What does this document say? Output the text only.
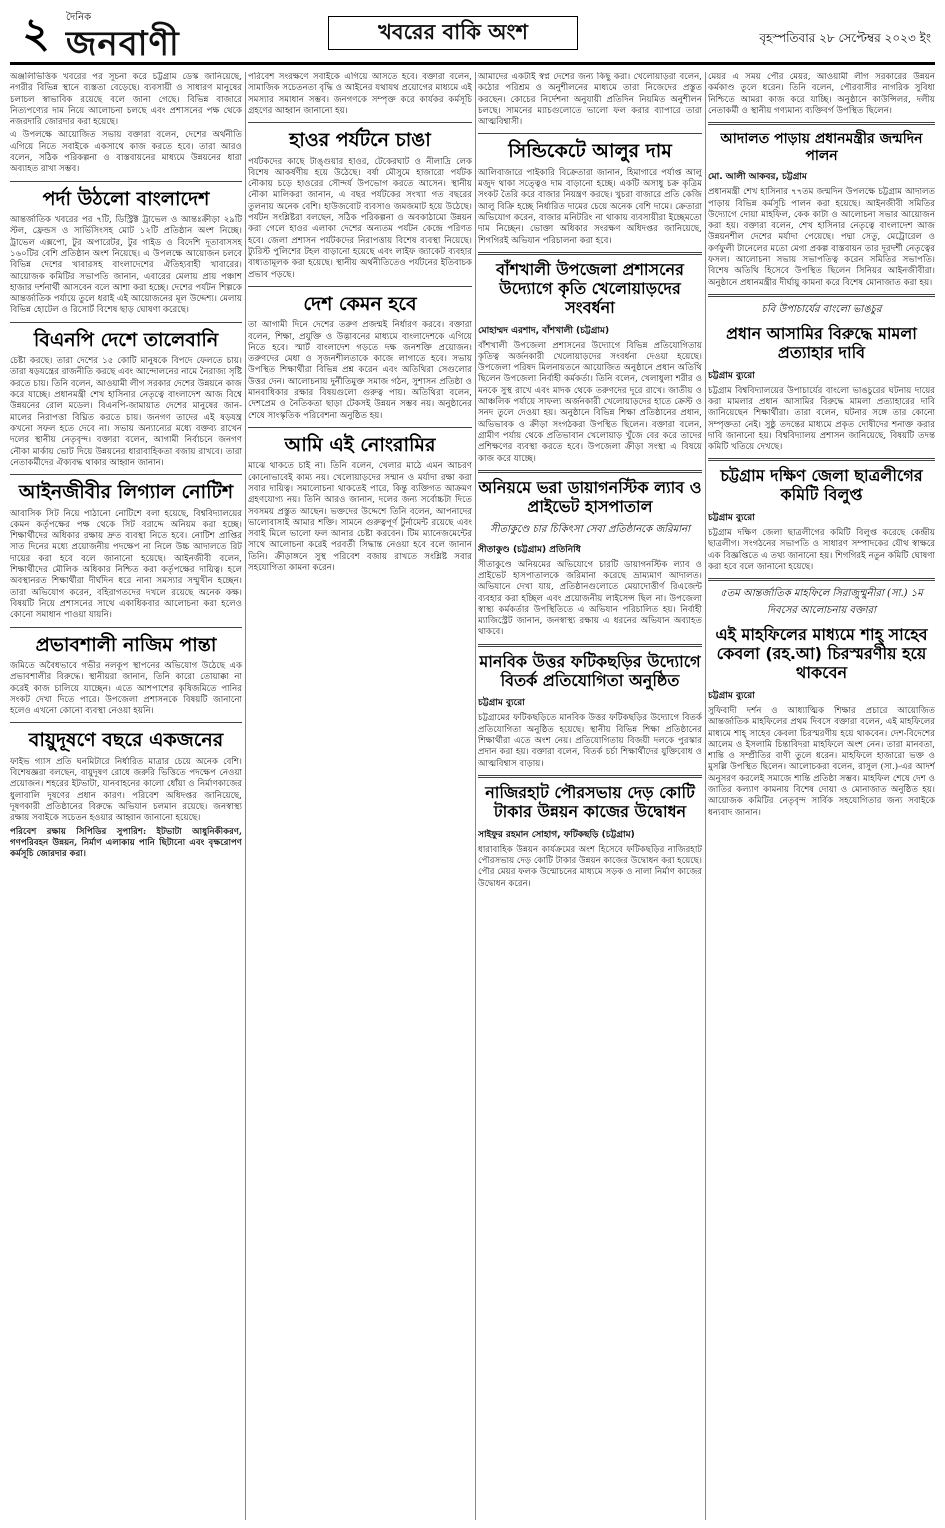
২	দৈনিক
জনবাণী	খবরের বাকি অংশ	বৃহস্পতিবার ২৮ সেপ্টেম্বর ২০২৩ ইং

অঞ্জলিভিত্তিক খবরের পর সূচনা করে চট্টগ্রাম ডেস্ক জানিয়েছে, নগরীর বিভিন্ন স্থানে ব্যস্ততা বেড়েছে। ব্যবসায়ী ও সাধারণ মানুষের চলাচল স্বাভাবিক রয়েছে বলে জানা গেছে। বিভিন্ন বাজারে নিত্যপণ্যের দাম নিয়ে আলোচনা চলছে এবং প্রশাসনের পক্ষ থেকে নজরদারি জোরদার করা হয়েছে।

এ উপলক্ষে আয়োজিত সভায় বক্তারা বলেন, দেশের অর্থনীতি এগিয়ে নিতে সবাইকে একসাথে কাজ করতে হবে। তারা আরও বলেন, সঠিক পরিকল্পনা ও বাস্তবায়নের মাধ্যমে উন্নয়নের ধারা অব্যাহত রাখা সম্ভব।

পর্দা উঠলো বাংলাদেশ
আন্তর্জাতিক খবরের পর ৭টি, ডিস্ট্রিক্ট ট্রাভেল ও আন্তঃক্রীড়া ২৯টি স্টল, ফ্রেন্ডস ও সার্ভিসিংসহ মোট ১২টি প্রতিষ্ঠান অংশ নিচ্ছে। ট্রাভেল এক্সপো, টুর অপারেটর, টুর গাইড ও বিদেশি দূতাবাসসহ ১৬০টির বেশি প্রতিষ্ঠান অংশ নিয়েছে। এ উপলক্ষে আয়োজন চলবে বিভিন্ন দেশের খাবারসহ বাংলাদেশের ঐতিহ্যবাহী খাবারের। আয়োজক কমিটির সভাপতি জানান, এবারের মেলায় প্রায় পঞ্চাশ হাজার দর্শনার্থী আসবেন বলে আশা করা হচ্ছে। দেশের পর্যটন শিল্পকে আন্তর্জাতিক পর্যায়ে তুলে ধরাই এই আয়োজনের মূল উদ্দেশ্য। মেলায় বিভিন্ন হোটেল ও রিসোর্ট বিশেষ ছাড় ঘোষণা করেছে।
বিএনপি দেশে তালেবানি
চেষ্টা করছে। তারা দেশের ১৫ কোটি মানুষকে বিপদে ফেলতে চায়। তারা ষড়যন্ত্রের রাজনীতি করছে এবং আন্দোলনের নামে নৈরাজ্য সৃষ্টি করতে চায়। তিনি বলেন, আওয়ামী লীগ সরকার দেশের উন্নয়নে কাজ করে যাচ্ছে। প্রধানমন্ত্রী শেখ হাসিনার নেতৃত্বে বাংলাদেশ আজ বিশ্বে উন্নয়নের রোল মডেল। বিএনপি-জামায়াত দেশের মানুষের জান-মালের নিরাপত্তা বিঘ্নিত করতে চায়। জনগণ তাদের এই ষড়যন্ত্র কখনো সফল হতে দেবে না। সভায় অন্যান্যের মধ্যে বক্তব্য রাখেন দলের স্থানীয় নেতৃবৃন্দ। বক্তারা বলেন, আগামী নির্বাচনে জনগণ নৌকা মার্কায় ভোট দিয়ে উন্নয়নের ধারাবাহিকতা বজায় রাখবে। তারা নেতাকর্মীদের ঐক্যবদ্ধ থাকার আহ্বান জানান।
আইনজীবীর লিগ্যাল নোটিশ
আবাসিক সিট নিয়ে পাঠানো নোটিশে বলা হয়েছে, বিশ্ববিদ্যালয়ের কেমন কর্তৃপক্ষের পক্ষ থেকে সিট বরাদ্দে অনিয়ম করা হচ্ছে। শিক্ষার্থীদের অধিকার রক্ষায় দ্রুত ব্যবস্থা নিতে হবে। নোটিশ প্রাপ্তির সাত দিনের মধ্যে প্রয়োজনীয় পদক্ষেপ না নিলে উচ্চ আদালতে রিট দায়ের করা হবে বলে জানানো হয়েছে। আইনজীবী বলেন, শিক্ষার্থীদের মৌলিক অধিকার নিশ্চিত করা কর্তৃপক্ষের দায়িত্ব। হলে অবস্থানরত শিক্ষার্থীরা দীর্ঘদিন ধরে নানা সমস্যার সম্মুখীন হচ্ছেন। তারা অভিযোগ করেন, বহিরাগতদের দখলে রয়েছে অনেক কক্ষ। বিষয়টি নিয়ে প্রশাসনের সাথে একাধিকবার আলোচনা করা হলেও কোনো সমাধান পাওয়া যায়নি।
প্রভাবশালী নাজিম পান্তা
জমিতে অবৈধভাবে গভীর নলকূপ স্থাপনের অভিযোগ উঠেছে এক প্রভাবশালীর বিরুদ্ধে। স্থানীয়রা জানান, তিনি কারো তোয়াক্কা না করেই কাজ চালিয়ে যাচ্ছেন। এতে আশপাশের কৃষিজমিতে পানির সংকট দেখা দিতে পারে। উপজেলা প্রশাসনকে বিষয়টি জানানো হলেও এখনো কোনো ব্যবস্থা নেওয়া হয়নি।
বায়ুদূষণে বছরে একজনের

ফাইভ গ্যাস প্রতি ঘনমিটারে নির্ধারিত মাত্রার চেয়ে অনেক বেশি। বিশেষজ্ঞরা বলছেন, বায়ুদূষণ রোধে জরুরি ভিত্তিতে পদক্ষেপ নেওয়া প্রয়োজন। শহরের ইটভাটা, যানবাহনের কালো ধোঁয়া ও নির্মাণকাজের ধুলাবালি দূষণের প্রধান কারণ। পরিবেশ অধিদপ্তর জানিয়েছে, দূষণকারী প্রতিষ্ঠানের বিরুদ্ধে অভিযান চলমান রয়েছে। জনস্বাস্থ্য রক্ষায় সবাইকে সচেতন হওয়ার আহ্বান জানানো হয়েছে।

পরিবেশ রক্ষায় সিপিডির সুপারিশ: ইটভাটা আধুনিকীকরণ, গণপরিবহন উন্নয়ন, নির্মাণ এলাকায় পানি ছিটানো এবং বৃক্ষরোপণ কর্মসূচি জোরদার করা।

পরিবেশ সংরক্ষণে সবাইকে এগিয়ে আসতে হবে। বক্তারা বলেন, সামাজিক সচেতনতা বৃদ্ধি ও আইনের যথাযথ প্রয়োগের মাধ্যমে এই সমস্যার সমাধান সম্ভব। জনগণকে সম্পৃক্ত করে কার্যকর কর্মসূচি গ্রহণের আহ্বান জানানো হয়।
হাওর পর্যটনে চাঙা
পর্যটকদের কাছে টাঙ্গুয়ার হাওর, টেকেরঘাট ও নীলাদ্রি লেক বিশেষ আকর্ষণীয় হয়ে উঠেছে। বর্ষা মৌসুমে হাজারো পর্যটক নৌকায় চড়ে হাওরের সৌন্দর্য উপভোগ করতে আসেন। স্থানীয় নৌকা মালিকরা জানান, এ বছর পর্যটকের সংখ্যা গত বছরের তুলনায় অনেক বেশি। হাউজবোট ব্যবসাও জমজমাট হয়ে উঠেছে। পর্যটন সংশ্লিষ্টরা বলছেন, সঠিক পরিকল্পনা ও অবকাঠামো উন্নয়ন করা গেলে হাওর এলাকা দেশের অন্যতম পর্যটন কেন্দ্রে পরিণত হবে। জেলা প্রশাসন পর্যটকদের নিরাপত্তায় বিশেষ ব্যবস্থা নিয়েছে। ট্যুরিস্ট পুলিশের টহল বাড়ানো হয়েছে এবং লাইফ জ্যাকেট ব্যবহার বাধ্যতামূলক করা হয়েছে। স্থানীয় অর্থনীতিতেও পর্যটনের ইতিবাচক প্রভাব পড়ছে।
দেশ কেমন হবে
তা আগামী দিনে দেশের তরুণ প্রজন্মই নির্ধারণ করবে। বক্তারা বলেন, শিক্ষা, প্রযুক্তি ও উদ্ভাবনের মাধ্যমে বাংলাদেশকে এগিয়ে নিতে হবে। স্মার্ট বাংলাদেশ গড়তে দক্ষ জনশক্তি প্রয়োজন। তরুণদের মেধা ও সৃজনশীলতাকে কাজে লাগাতে হবে। সভায় উপস্থিত শিক্ষার্থীরা বিভিন্ন প্রশ্ন করেন এবং অতিথিরা সেগুলোর উত্তর দেন। আলোচনায় দুর্নীতিমুক্ত সমাজ গঠন, সুশাসন প্রতিষ্ঠা ও মানবাধিকার রক্ষার বিষয়গুলো গুরুত্ব পায়। অতিথিরা বলেন, দেশপ্রেম ও নৈতিকতা ছাড়া টেকসই উন্নয়ন সম্ভব নয়। অনুষ্ঠানের শেষে সাংস্কৃতিক পরিবেশনা অনুষ্ঠিত হয়।
আমি এই নোংরামির
মাঝে থাকতে চাই না। তিনি বলেন, খেলার মাঠে এমন আচরণ কোনোভাবেই কাম্য নয়। খেলোয়াড়দের সম্মান ও মর্যাদা রক্ষা করা সবার দায়িত্ব। সমালোচনা থাকতেই পারে, কিন্তু ব্যক্তিগত আক্রমণ গ্রহণযোগ্য নয়। তিনি আরও জানান, দলের জন্য সর্বোচ্চটা দিতে সবসময় প্রস্তুত আছেন। ভক্তদের উদ্দেশে তিনি বলেন, আপনাদের ভালোবাসাই আমার শক্তি। সামনে গুরুত্বপূর্ণ টুর্নামেন্ট রয়েছে এবং সবাই মিলে ভালো ফল আনার চেষ্টা করবেন। টিম ম্যানেজমেন্টের সাথে আলোচনা করেই পরবর্তী সিদ্ধান্ত নেওয়া হবে বলে জানান তিনি। ক্রীড়াঙ্গনে সুস্থ পরিবেশ বজায় রাখতে সংশ্লিষ্ট সবার সহযোগিতা কামনা করেন।
আমাদের একটাই স্বপ্ন দেশের জন্য কিছু করা। খেলোয়াড়রা বলেন, কঠোর পরিশ্রম ও অনুশীলনের মাধ্যমে তারা নিজেদের প্রস্তুত করছেন। কোচের নির্দেশনা অনুযায়ী প্রতিদিন নিয়মিত অনুশীলন চলছে। সামনের ম্যাচগুলোতে ভালো ফল করার ব্যাপারে তারা আত্মবিশ্বাসী।
সিন্ডিকেটে আলুর দাম
আলিবাজারে পাইকারি বিক্রেতারা জানান, হিমাগারে পর্যাপ্ত আলু মজুদ থাকা সত্ত্বেও দাম বাড়ানো হচ্ছে। একটি অসাধু চক্র কৃত্রিম সংকট তৈরি করে বাজার নিয়ন্ত্রণ করছে। খুচরা বাজারে প্রতি কেজি আলু বিক্রি হচ্ছে নির্ধারিত দামের চেয়ে অনেক বেশি দামে। ক্রেতারা অভিযোগ করেন, বাজার মনিটরিং না থাকায় ব্যবসায়ীরা ইচ্ছেমতো দাম নিচ্ছেন। ভোক্তা অধিকার সংরক্ষণ অধিদপ্তর জানিয়েছে, শিগগিরই অভিযান পরিচালনা করা হবে।
বাঁশখালী উপজেলা প্রশাসনের উদ্যোগে কৃতি খেলোয়াড়দের সংবর্ধনা
মোহাম্মদ এরশাদ, বাঁশখালী (চট্টগ্রাম)
বাঁশখালী উপজেলা প্রশাসনের উদ্যোগে বিভিন্ন প্রতিযোগিতায় কৃতিত্ব অর্জনকারী খেলোয়াড়দের সংবর্ধনা দেওয়া হয়েছে। উপজেলা পরিষদ মিলনায়তনে আয়োজিত অনুষ্ঠানে প্রধান অতিথি ছিলেন উপজেলা নির্বাহী কর্মকর্তা। তিনি বলেন, খেলাধুলা শরীর ও মনকে সুস্থ রাখে এবং মাদক থেকে তরুণদের দূরে রাখে। জাতীয় ও আঞ্চলিক পর্যায়ে সাফল্য অর্জনকারী খেলোয়াড়দের হাতে ক্রেস্ট ও সনদ তুলে দেওয়া হয়। অনুষ্ঠানে বিভিন্ন শিক্ষা প্রতিষ্ঠানের প্রধান, অভিভাবক ও ক্রীড়া সংগঠকরা উপস্থিত ছিলেন। বক্তারা বলেন, গ্রামীণ পর্যায় থেকে প্রতিভাবান খেলোয়াড় খুঁজে বের করে তাদের প্রশিক্ষণের ব্যবস্থা করতে হবে। উপজেলা ক্রীড়া সংস্থা এ বিষয়ে কাজ করে যাচ্ছে।
অনিয়মে ভরা ডায়াগনস্টিক ল্যাব ও প্রাইভেট হাসপাতাল
সীতাকুণ্ডে চার চিকিৎসা সেবা প্রতিষ্ঠানকে জরিমানা
সীতাকুণ্ড (চট্টগ্রাম) প্রতিনিধি
সীতাকুণ্ডে অনিয়মের অভিযোগে চারটি ডায়াগনস্টিক ল্যাব ও প্রাইভেট হাসপাতালকে জরিমানা করেছে ভ্রাম্যমাণ আদালত। অভিযানে দেখা যায়, প্রতিষ্ঠানগুলোতে মেয়াদোত্তীর্ণ রিএজেন্ট ব্যবহার করা হচ্ছিল এবং প্রয়োজনীয় লাইসেন্স ছিল না। উপজেলা স্বাস্থ্য কর্মকর্তার উপস্থিতিতে এ অভিযান পরিচালিত হয়। নির্বাহী ম্যাজিস্ট্রেট জানান, জনস্বাস্থ্য রক্ষায় এ ধরনের অভিযান অব্যাহত থাকবে।
মানবিক উত্তর ফটিকছড়ির উদ্যোগে বিতর্ক প্রতিযোগিতা অনুষ্ঠিত
চট্টগ্রাম ব্যুরো
চট্টগ্রামের ফটিকছড়িতে মানবিক উত্তর ফটিকছড়ির উদ্যোগে বিতর্ক প্রতিযোগিতা অনুষ্ঠিত হয়েছে। স্থানীয় বিভিন্ন শিক্ষা প্রতিষ্ঠানের শিক্ষার্থীরা এতে অংশ নেয়। প্রতিযোগিতায় বিজয়ী দলকে পুরস্কার প্রদান করা হয়। বক্তারা বলেন, বিতর্ক চর্চা শিক্ষার্থীদের যুক্তিবোধ ও আত্মবিশ্বাস বাড়ায়।
নাজিরহাট পৌরসভায় দেড় কোটি টাকার উন্নয়ন কাজের উদ্বোধন
সাইফুর রহমান সোহাগ, ফটিকছড়ি (চট্টগ্রাম)
ধারাবাহিক উন্নয়ন কার্যক্রমের অংশ হিসেবে ফটিকছড়ির নাজিরহাট পৌরসভায় দেড় কোটি টাকার উন্নয়ন কাজের উদ্বোধন করা হয়েছে। পৌর মেয়র ফলক উন্মোচনের মাধ্যমে সড়ক ও নালা নির্মাণ কাজের উদ্বোধন করেন।
মেয়র এ সময় পৌর মেয়র, আওয়ামী লীগ সরকারের উন্নয়ন কর্মকাণ্ড তুলে ধরেন। তিনি বলেন, পৌরবাসীর নাগরিক সুবিধা নিশ্চিতে আমরা কাজ করে যাচ্ছি। অনুষ্ঠানে কাউন্সিলর, দলীয় নেতাকর্মী ও স্থানীয় গণ্যমান্য ব্যক্তিবর্গ উপস্থিত ছিলেন।
আদালত পাড়ায় প্রধানমন্ত্রীর জন্মদিন পালন
মো. আলী আকবর, চট্টগ্রাম
প্রধানমন্ত্রী শেখ হাসিনার ৭৭তম জন্মদিন উপলক্ষে চট্টগ্রাম আদালত পাড়ায় বিভিন্ন কর্মসূচি পালন করা হয়েছে। আইনজীবী সমিতির উদ্যোগে দোয়া মাহফিল, কেক কাটা ও আলোচনা সভার আয়োজন করা হয়। বক্তারা বলেন, শেখ হাসিনার নেতৃত্বে বাংলাদেশ আজ উন্নয়নশীল দেশের মর্যাদা পেয়েছে। পদ্মা সেতু, মেট্রোরেল ও কর্ণফুলী টানেলের মতো মেগা প্রকল্প বাস্তবায়ন তার দূরদর্শী নেতৃত্বের ফসল। আলোচনা সভায় সভাপতিত্ব করেন সমিতির সভাপতি। বিশেষ অতিথি হিসেবে উপস্থিত ছিলেন সিনিয়র আইনজীবীরা। অনুষ্ঠানে প্রধানমন্ত্রীর দীর্ঘায়ু কামনা করে বিশেষ মোনাজাত করা হয়।
চবি উপাচার্যের বাংলো ভাঙচুর
প্রধান আসামির বিরুদ্ধে মামলা প্রত্যাহার দাবি
চট্টগ্রাম ব্যুরো
চট্টগ্রাম বিশ্ববিদ্যালয়ের উপাচার্যের বাংলো ভাঙচুরের ঘটনায় দায়ের করা মামলার প্রধান আসামির বিরুদ্ধে মামলা প্রত্যাহারের দাবি জানিয়েছেন শিক্ষার্থীরা। তারা বলেন, ঘটনার সঙ্গে তার কোনো সম্পৃক্ততা নেই। সুষ্ঠু তদন্তের মাধ্যমে প্রকৃত দোষীদের শনাক্ত করার দাবি জানানো হয়। বিশ্ববিদ্যালয় প্রশাসন জানিয়েছে, বিষয়টি তদন্ত কমিটি খতিয়ে দেখছে।
চট্টগ্রাম দক্ষিণ জেলা ছাত্রলীগের কমিটি বিলুপ্ত
চট্টগ্রাম ব্যুরো
চট্টগ্রাম দক্ষিণ জেলা ছাত্রলীগের কমিটি বিলুপ্ত করেছে কেন্দ্রীয় ছাত্রলীগ। সংগঠনের সভাপতি ও সাধারণ সম্পাদকের যৌথ স্বাক্ষরে এক বিজ্ঞপ্তিতে এ তথ্য জানানো হয়। শিগগিরই নতুন কমিটি ঘোষণা করা হবে বলে জানানো হয়েছে।
৫তম আন্তর্জাতিক মাহফিলে সিরাজুম্মুনীরা (সা.) ১ম দিবসের আলোচনায় বক্তারা
এই মাহফিলের মাধ্যমে শাহ্ সাহেব কেবলা (রহ.আ) চিরস্মরণীয় হয়ে থাকবেন
চট্টগ্রাম ব্যুরো
সুফিবাদী দর্শন ও আধ্যাত্মিক শিক্ষার প্রচারে আয়োজিত আন্তর্জাতিক মাহফিলের প্রথম দিবসে বক্তারা বলেন, এই মাহফিলের মাধ্যমে শাহ্ সাহেব কেবলা চিরস্মরণীয় হয়ে থাকবেন। দেশ-বিদেশের আলেম ও ইসলামি চিন্তাবিদরা মাহফিলে অংশ নেন। তারা মানবতা, শান্তি ও সম্প্রীতির বাণী তুলে ধরেন। মাহফিলে হাজারো ভক্ত ও মুসল্লি উপস্থিত ছিলেন। আলোচকরা বলেন, রাসুল (সা.)-এর আদর্শ অনুসরণ করলেই সমাজে শান্তি প্রতিষ্ঠা সম্ভব। মাহফিল শেষে দেশ ও জাতির কল্যাণ কামনায় বিশেষ দোয়া ও মোনাজাত অনুষ্ঠিত হয়। আয়োজক কমিটির নেতৃবৃন্দ সার্বিক সহযোগিতার জন্য সবাইকে ধন্যবাদ জানান।
